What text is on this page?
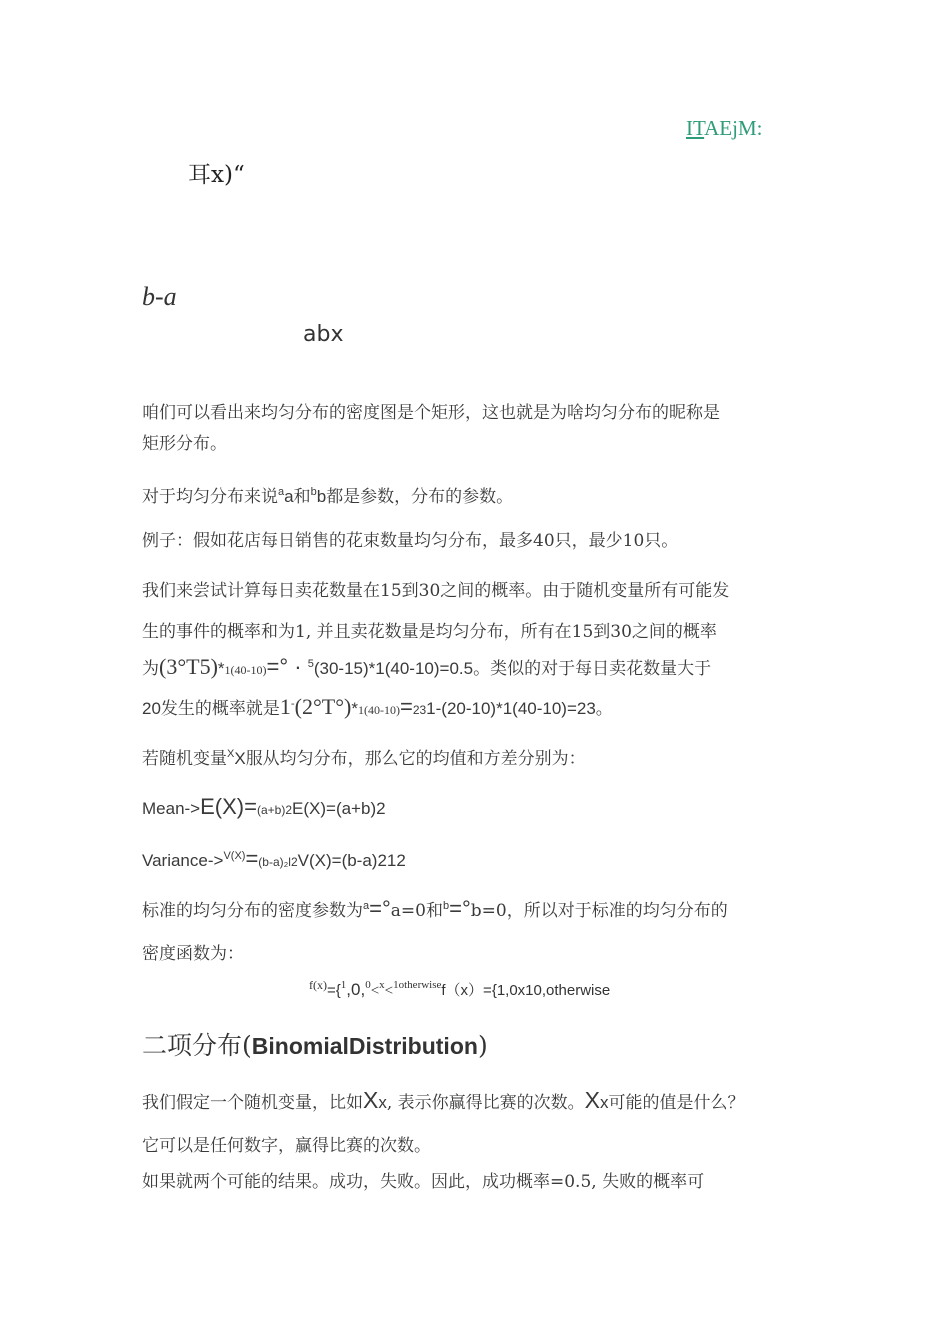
ITAEjM:
耳x)“
b-a
abx
咱们可以看出来均匀分布的密度图是个矩形，这也就是为啥均匀分布的昵称是
矩形分布。
对于均匀分布来说$^a$a和$^b$b都是参数，分布的参数。
例子：假如花店每日销售的花束数量均匀分布，最多40只，最少10只。
我们来尝试计算每日卖花数量在15到30之间的概率。由于随机变量所有可能发
生的事件的概率和为1, 并且卖花数量是均匀分布，所有在15到30之间的概率
为(3°T5)*1(40-10)=° · $^5$(30-15)*1(40-10)=0.5。类似的对于每日卖花数量大于
20发生的概率就是1-(2°T°)*1(40-10)=231-(20-10)*1(40-10)=23。
若随机变量$^X$X服从均匀分布，那么它的均值和方差分别为：
Mean->E(X)=(a+b)2E(X)=(a+b)2
Variance->$^{V(X)}$=(b-a)₂l2V(X)=(b-a)212
标准的均匀分布的密度参数为$^a$=°a=0和$^b$=°b=0，所以对于标准的均匀分布的
密度函数为：
$^{f(x)}$={$^1$,0,$^0$<$^x$<$^{1otherwise}$f（x）={1,0x10,otherwise
二项分布(BinomialDistribution)
我们假定一个随机变量，比如Xx, 表示你赢得比赛的次数。Xx可能的值是什么？
它可以是任何数字，赢得比赛的次数。
如果就两个可能的结果。成功，失败。因此，成功概率=0.5, 失败的概率可
